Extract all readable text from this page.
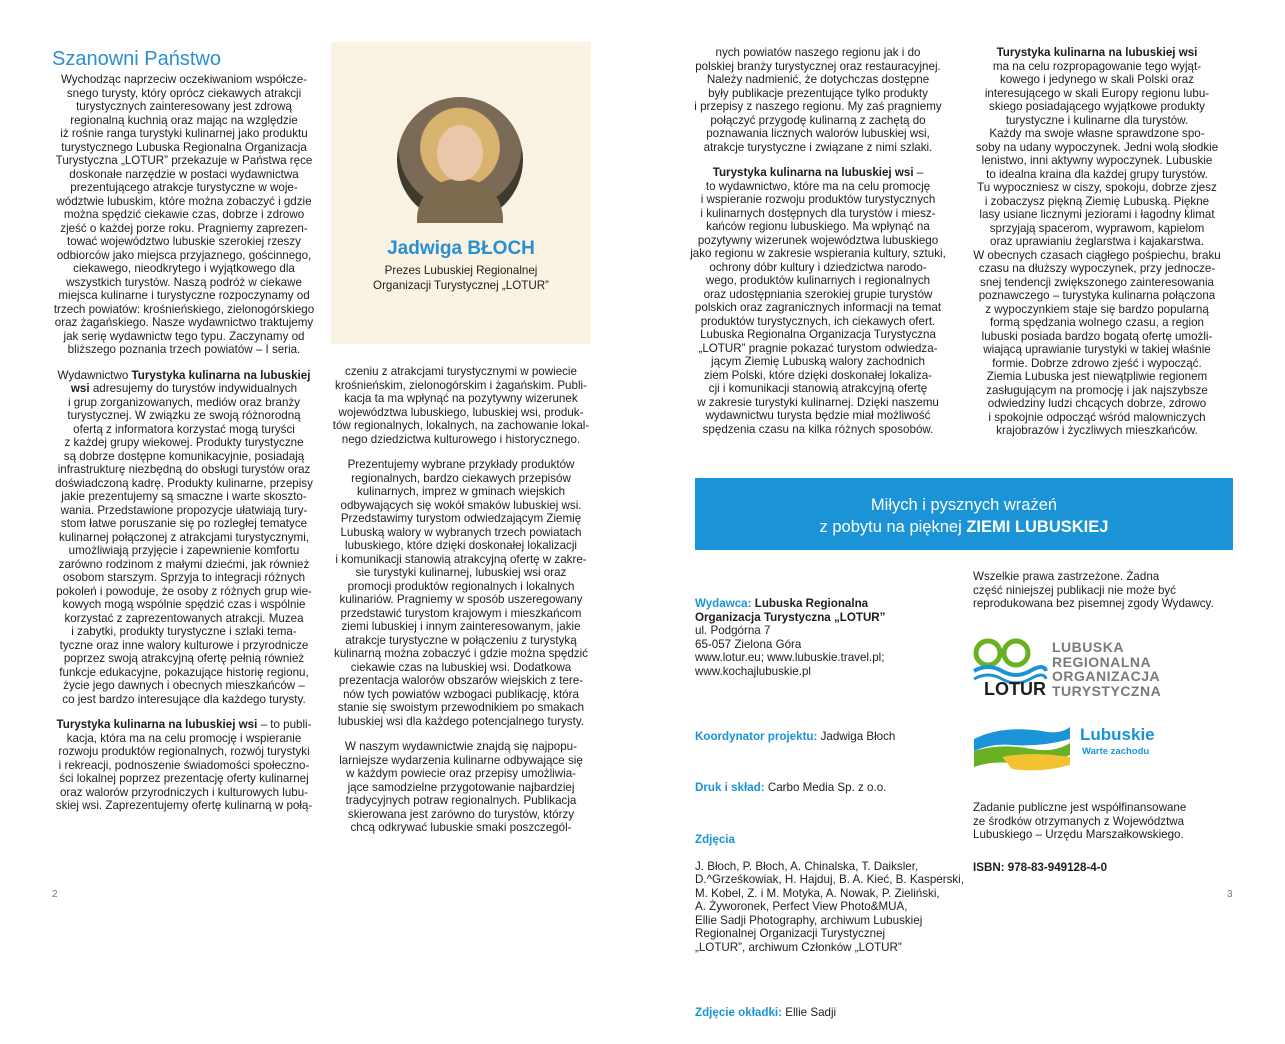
Szanowni Państwo

Wychodząc naprzeciw oczekiwaniom współcze-
snego turysty, który oprócz ciekawych atrakcji
turystycznych zainteresowany jest zdrową
regionalną kuchnią oraz mając na względzie
iż rośnie ranga turystyki kulinarnej jako produktu
turystycznego Lubuska Regionalna Organizacja
Turystyczna „LOTUR” przekazuje w Państwa ręce
doskonałe narzędzie w postaci wydawnictwa
prezentującego atrakcje turystyczne w woje-
wództwie lubuskim, które można zobaczyć i gdzie
można spędzić ciekawie czas, dobrze i zdrowo
zjeść o każdej porze roku. Pragniemy zaprezen-
tować województwo lubuskie szerokiej rzeszy
odbiorców jako miejsca przyjaznego, gościnnego,
ciekawego, nieodkrytego i wyjątkowego dla
wszystkich turystów. Naszą podróż w ciekawe
miejsca kulinarne i turystyczne rozpoczynamy od
trzech powiatów: krośnieńskiego, zielonogórskiego
oraz żagańskiego. Nasze wydawnictwo traktujemy
jak serię wydawnictw tego typu. Zaczynamy od
bliższego poznania trzech powiatów – I seria.

Wydawnictwo Turystyka kulinarna na lubuskiej
wsi adresujemy do turystów indywidualnych
i grup zorganizowanych, mediów oraz branży
turystycznej. W związku ze swoją różnorodną
ofertą z informatora korzystać mogą turyści
z każdej grupy wiekowej. Produkty turystyczne
są dobrze dostępne komunikacyjnie, posiadają
infrastrukturę niezbędną do obsługi turystów oraz
doświadczoną kadrę. Produkty kulinarne, przepisy
jakie prezentujemy są smaczne i warte skoszto-
wania. Przedstawione propozycje ułatwiają tury-
stom łatwe poruszanie się po rozległej tematyce
kulinarnej połączonej z atrakcjami turystycznymi,
umożliwiają przyjęcie i zapewnienie komfortu
zarówno rodzinom z małymi dziećmi, jak również
osobom starszym. Sprzyja to integracji różnych
pokoleń i powoduje, że osoby z różnych grup wie-
kowych mogą wspólnie spędzić czas i wspólnie
korzystać z zaprezentowanych atrakcji. Muzea
i zabytki, produkty turystyczne i szlaki tema-
tyczne oraz inne walory kulturowe i przyrodnicze
poprzez swoją atrakcyjną ofertę pełnią również
funkcje edukacyjne, pokazujące historię regionu,
życie jego dawnych i obecnych mieszkańców –
co jest bardzo interesujące dla każdego turysty.

Turystyka kulinarna na lubuskiej wsi – to publi-
kacja, która ma na celu promocję i wspieranie
rozwoju produktów regionalnych, rozwój turystyki
i rekreacji, podnoszenie świadomości społeczno-
ści lokalnej poprzez prezentację oferty kulinarnej
oraz walorów przyrodniczych i kulturowych lubu-
skiej wsi. Zaprezentujemy ofertę kulinarną w połą-

Jadwiga BŁOCH
Prezes Lubuskiej Regionalnej
Organizacji Turystycznej „LOTUR”

czeniu z atrakcjami turystycznymi w powiecie
krośnieńskim, zielonogórskim i żagańskim. Publi-
kacja ta ma wpłynąć na pozytywny wizerunek
województwa lubuskiego, lubuskiej wsi, produk-
tów regionalnych, lokalnych, na zachowanie lokal-
nego dziedzictwa kulturowego i historycznego.

Prezentujemy wybrane przykłady produktów
regionalnych, bardzo ciekawych przepisów
kulinarnych, imprez w gminach wiejskich
odbywających się wokół smaków lubuskiej wsi.
Przedstawimy turystom odwiedzającym Ziemię
Lubuską walory w wybranych trzech powiatach
lubuskiego, które dzięki doskonałej lokalizacji
i komunikacji stanowią atrakcyjną ofertę w zakre-
sie turystyki kulinarnej, lubuskiej wsi oraz
promocji produktów regionalnych i lokalnych
kulinariów. Pragniemy w sposób uszeregowany
przedstawić turystom krajowym i mieszkańcom
ziemi lubuskiej i innym zainteresowanym, jakie
atrakcje turystyczne w połączeniu z turystyką
kulinarną można zobaczyć i gdzie można spędzić
ciekawie czas na lubuskiej wsi. Dodatkowa
prezentacja walorów obszarów wiejskich z tere-
nów tych powiatów wzbogaci publikację, która
stanie się swoistym przewodnikiem po smakach
lubuskiej wsi dla każdego potencjalnego turysty.

W naszym wydawnictwie znajdą się najpopu-
larniejsze wydarzenia kulinarne odbywające się
w każdym powiecie oraz przepisy umożliwia-
jące samodzielne przygotowanie najbardziej
tradycyjnych potraw regionalnych. Publikacja
skierowana jest zarówno do turystów, którzy
chcą odkrywać lubuskie smaki poszczegól-

2

nych powiatów naszego regionu jak i do
polskiej branży turystycznej oraz restauracyjnej.
Należy nadmienić, że dotychczas dostępne
były publikacje prezentujące tylko produkty
i przepisy z naszego regionu. My zaś pragniemy
połączyć przygodę kulinarną z zachętą do
poznawania licznych walorów lubuskiej wsi,
atrakcje turystyczne i związane z nimi szlaki.

Turystyka kulinarna na lubuskiej wsi –
to wydawnictwo, które ma na celu promocję
i wspieranie rozwoju produktów turystycznych
i kulinarnych dostępnych dla turystów i miesz-
kańców regionu lubuskiego. Ma wpłynąć na
pozytywny wizerunek województwa lubuskiego
jako regionu w zakresie wspierania kultury, sztuki,
ochrony dóbr kultury i dziedzictwa narodo-
wego, produktów kulinarnych i regionalnych
oraz udostępniania szerokiej grupie turystów
polskich oraz zagranicznych informacji na temat
produktów turystycznych, ich ciekawych ofert.
Lubuska Regionalna Organizacja Turystyczna
„LOTUR” pragnie pokazać turystom odwiedza-
jącym Ziemię Lubuską walory zachodnich
ziem Polski, które dzięki doskonałej lokaliza-
cji i komunikacji stanowią atrakcyjną ofertę
w zakresie turystyki kulinarnej. Dzięki naszemu
wydawnictwu turysta będzie miał możliwość
spędzenia czasu na kilka różnych sposobów.

Turystyka kulinarna na lubuskiej wsi

ma na celu rozpropagowanie tego wyjąt-
kowego i jedynego w skali Polski oraz
interesującego w skali Europy regionu lubu-
skiego posiadającego wyjątkowe produkty
turystyczne i kulinarne dla turystów.
Każdy ma swoje własne sprawdzone spo-
soby na udany wypoczynek. Jedni wolą słodkie
lenistwo, inni aktywny wypoczynek. Lubuskie
to idealna kraina dla każdej grupy turystów.
Tu wypoczniesz w ciszy, spokoju, dobrze zjesz
i zobaczysz piękną Ziemię Lubuską. Piękne
lasy usiane licznymi jeziorami i łagodny klimat
sprzyjają spacerom, wyprawom, kąpielom
oraz uprawianiu żeglarstwa i kajakarstwa.
W obecnych czasach ciągłego pośpiechu, braku
czasu na dłuższy wypoczynek, przy jednocze-
snej tendencji zwiększonego zainteresowania
poznawczego – turystyka kulinarna połączona
z wypoczynkiem staje się bardzo popularną
formą spędzania wolnego czasu, a region
lubuski posiada bardzo bogatą ofertę umożli-
wiającą uprawianie turystyki w takiej właśnie
formie. Dobrze zdrowo zjeść i wypocząć.
Ziemia Lubuska jest niewątpliwie regionem
zasługującym na promocję i jak najszybsze
odwiedziny ludzi chcących dobrze, zdrowo
i spokojnie odpocząć wśród malowniczych
krajobrazów i życzliwych mieszkańców.

Miłych i pysznych wrażeń
z pobytu na pięknej ZIEMI LUBUSKIEJ

Wydawca: Lubuska Regionalna
Organizacja Turystyczna „LOTUR”

ul. Podgórna 7
65-057 Zielona Góra
www.lotur.eu; www.lubuskie.travel.pl;
www.kochajlubuskie.pl

Koordynator projektu: Jadwiga Błoch

Druk i skład: Carbo Media Sp. z o.o.

Zdjęcia

J. Błoch, P. Błoch, A. Chinalska, T. Daiksler,
D.^Grześkowiak, H. Hajduj, B. A. Kieć, B. Kasperski,
M. Kobel, Z. i M. Motyka, A. Nowak, P. Zieliński,
A. Żyworonek, Perfect View Photo&MUA,
Ellie Sadji Photography, archiwum Lubuskiej
Regionalnej Organizacji Turystycznej
„LOTUR”, archiwum Członków „LOTUR”

Zdjęcie okładki: Ellie Sadji

Wszelkie prawa zastrzeżone. Żadna
część niniejszej publikacji nie może być
reprodukowana bez pisemnej zgody Wydawcy.
LOTUR
LUBUSKA
REGIONALNA
ORGANIZACJA
TURYSTYCZNA
Lubuskie
Warte zachodu
Zadanie publiczne jest współfinansowane
ze środków otrzymanych z Województwa
Lubuskiego – Urzędu Marszałkowskiego.
ISBN: 978-83-949128-4-0
3
